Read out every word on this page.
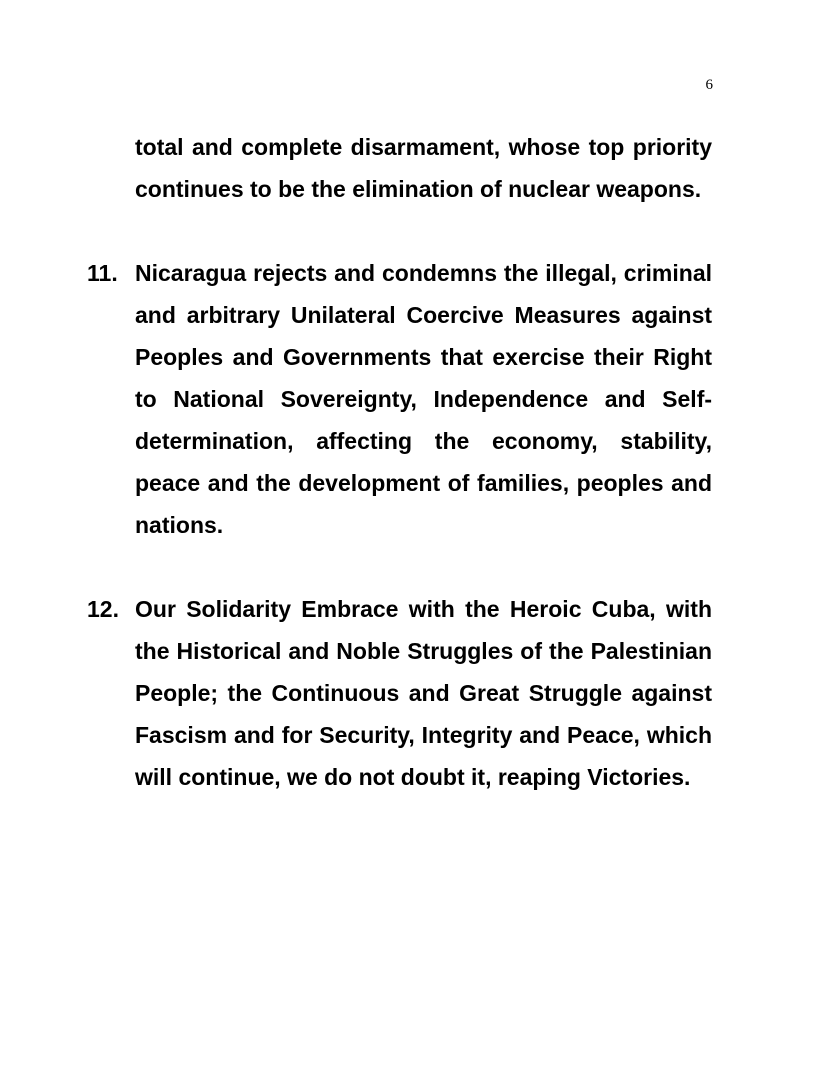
6

total and complete disarmament, whose top priority continues to be the elimination of nuclear weapons.

11. Nicaragua rejects and condemns the illegal, criminal and arbitrary Unilateral Coercive Measures against Peoples and Governments that exercise their Right to National Sovereignty, Independence and Self-determination, affecting the economy, stability, peace and the development of families, peoples and nations.

12. Our Solidarity Embrace with the Heroic Cuba, with the Historical and Noble Struggles of the Palestinian People; the Continuous and Great Struggle against Fascism and for Security, Integrity and Peace, which will continue, we do not doubt it, reaping Victories.
